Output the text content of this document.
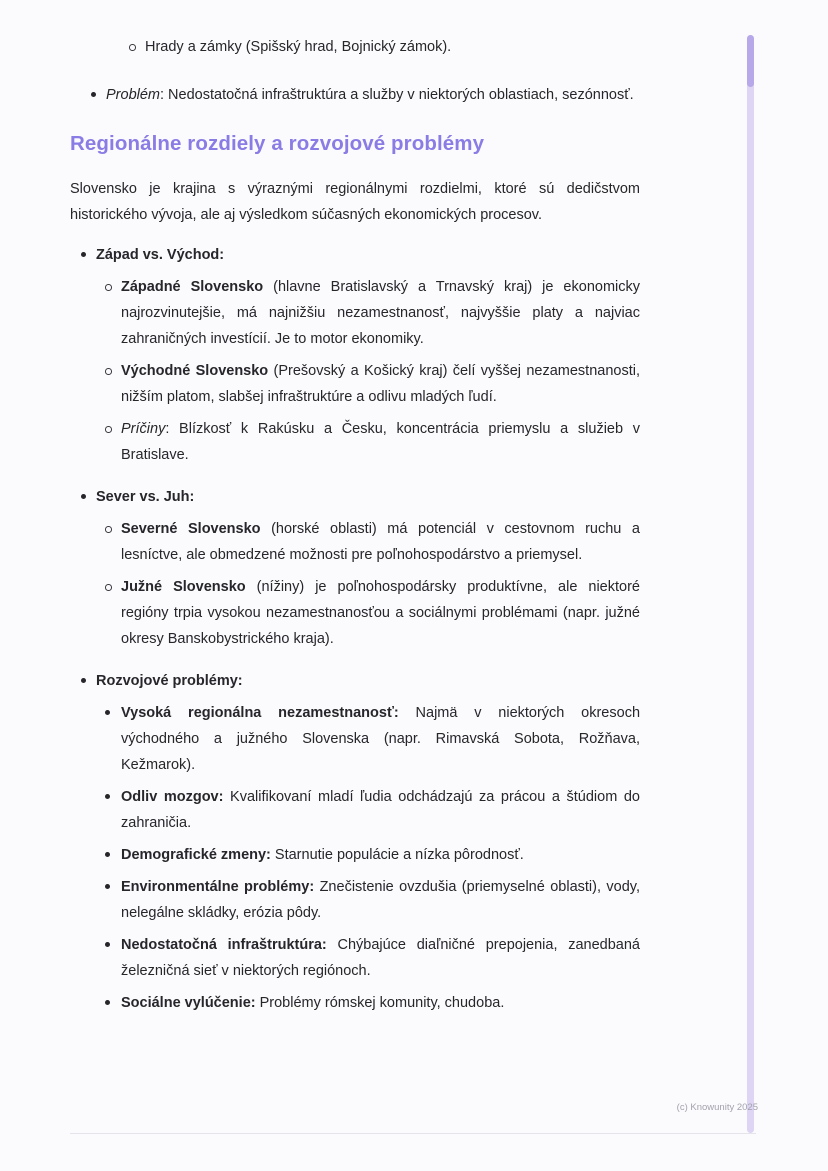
Hrady a zámky (Spišský hrad, Bojnický zámok).

Problém: Nedostatočná infraštruktúra a služby v niektorých oblastiach, sezónnosť.

Regionálne rozdiely a rozvojové problémy

Slovensko je krajina s výraznými regionálnymi rozdielmi, ktoré sú dedičstvom historického vývoja, ale aj výsledkom súčasných ekonomických procesov.

Západ vs. Východ:

Západné Slovensko (hlavne Bratislavský a Trnavský kraj) je ekonomicky najrozvinutejšie, má najnižšiu nezamestnanosť, najvyššie platy a najviac zahraničných investícií. Je to motor ekonomiky.

Východné Slovensko (Prešovský a Košický kraj) čelí vyššej nezamestnanosti, nižším platom, slabšej infraštruktúre a odlivu mladých ľudí.

Príčiny: Blízkosť k Rakúsku a Česku, koncentrácia priemyslu a služieb v Bratislave.

Sever vs. Juh:

Severné Slovensko (horské oblasti) má potenciál v cestovnom ruchu a lesníctve, ale obmedzené možnosti pre poľnohospodárstvo a priemysel.

Južné Slovensko (nížiny) je poľnohospodársky produktívne, ale niektoré regióny trpia vysokou nezamestnanosťou a sociálnymi problémami (napr. južné okresy Banskobystrického kraja).

Rozvojové problémy:

Vysoká regionálna nezamestnanosť: Najmä v niektorých okresoch východného a južného Slovenska (napr. Rimavská Sobota, Rožňava, Kežmarok).

Odliv mozgov: Kvalifikovaní mladí ľudia odchádzajú za prácou a štúdiom do zahraničia.

Demografické zmeny: Starnutie populácie a nízka pôrodnosť.

Environmentálne problémy: Znečistenie ovzdušia (priemyselné oblasti), vody, nelegálne skládky, erózia pôdy.

Nedostatočná infraštruktúra: Chýbajúce diaľničné prepojenia, zanedbaná železničná sieť v niektorých regiónoch.

Sociálne vylúčenie: Problémy rómskej komunity, chudoba.

(c) Knowunity 2025
